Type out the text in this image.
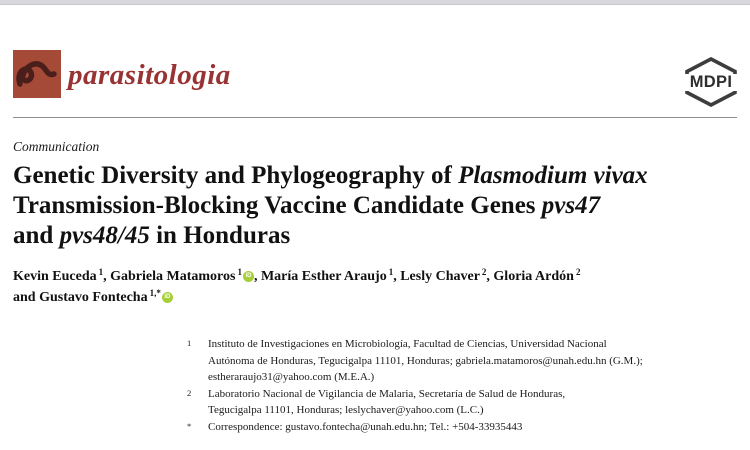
parasitologia	MDPI
Communication
Genetic Diversity and Phylogeography of Plasmodium vivax
Transmission-Blocking Vaccine Candidate Genes pvs47
and pvs48/45 in Honduras
Kevin Euceda $^1$, Gabriela Matamoros $^1$ iD , María Esther Araujo $^1$, Lesly Chaver $^2$, Gloria Ardón $^2$
and Gustavo Fontecha $^{1,*}$ iD
1 Instituto de Investigaciones en Microbiología, Facultad de Ciencias, Universidad Nacional
Autónoma de Honduras, Tegucigalpa 11101, Honduras; gabriela.matamoros@unah.edu.hn (G.M.);
estheraraujo31@yahoo.com (M.E.A.)
2 Laboratorio Nacional de Vigilancia de Malaria, Secretaría de Salud de Honduras,
Tegucigalpa 11101, Honduras; leslychaver@yahoo.com (L.C.)
* Correspondence: gustavo.fontecha@unah.edu.hn; Tel.: +504-33935443
